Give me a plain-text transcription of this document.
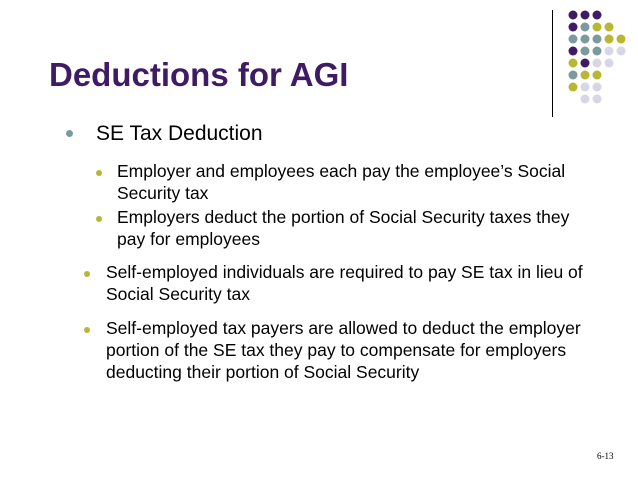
Deductions for AGI
SE Tax Deduction
Employer and employees each pay the employee’s Social Security tax
Employers deduct the portion of Social Security taxes they pay for employees
Self-employed individuals are required to pay SE tax in lieu of Social Security tax
Self-employed tax payers are allowed to deduct the employer portion of the SE tax they pay to compensate for employers deducting their portion of Social Security
6-13
